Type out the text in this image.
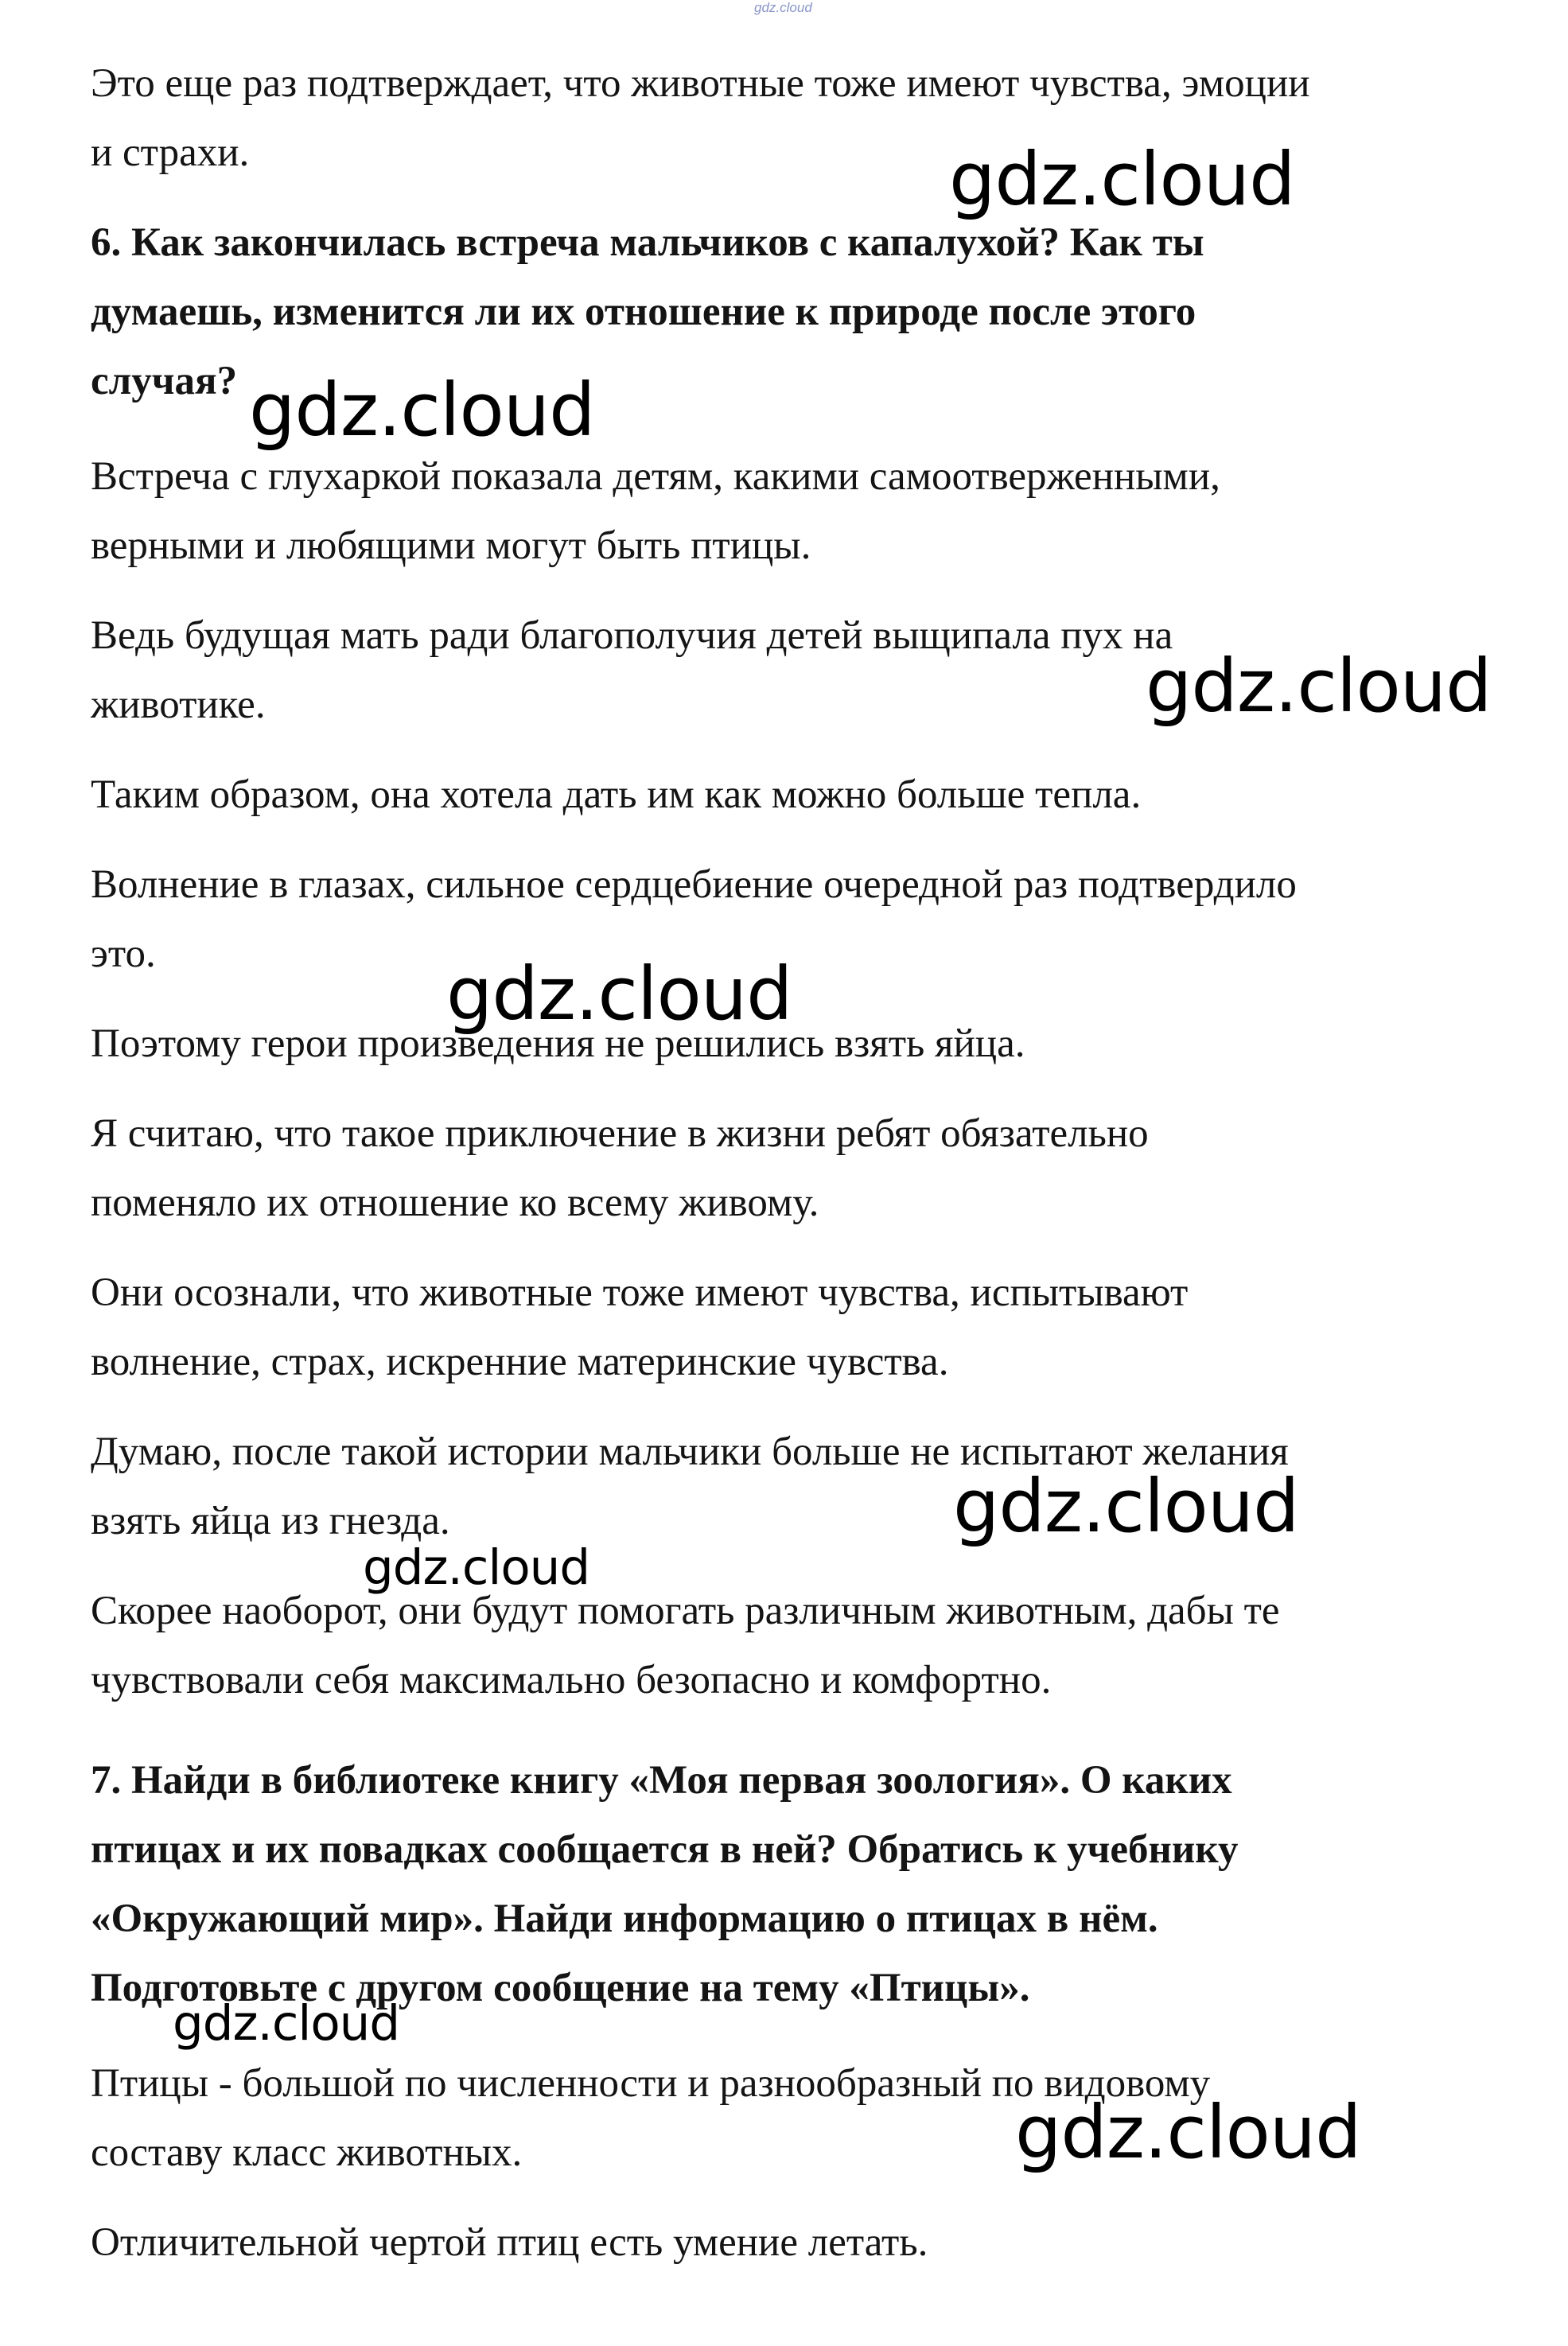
gdz.cloud
Это еще раз подтверждает, что животные тоже имеют чувства, эмоции
и страхи.
6. Как закончилась встреча мальчиков с капалухой? Как ты
думаешь, изменится ли их отношение к природе после этого
случая?
Встреча с глухаркой показала детям, какими самоотверженными,
верными и любящими могут быть птицы.
Ведь будущая мать ради благополучия детей выщипала пух на
животике.
Таким образом, она хотела дать им как можно больше тепла.
Волнение в глазах, сильное сердцебиение очередной раз подтвердило
это.
Поэтому герои произведения не решились взять яйца.
Я считаю, что такое приключение в жизни ребят обязательно
поменяло их отношение ко всему живому.
Они осознали, что животные тоже имеют чувства, испытывают
волнение, страх, искренние материнские чувства.
Думаю, после такой истории мальчики больше не испытают желания
взять яйца из гнезда.
Скорее наоборот, они будут помогать различным животным, дабы те
чувствовали себя максимально безопасно и комфортно.
7. Найди в библиотеке книгу «Моя первая зоология». О каких
птицах и их повадках сообщается в ней? Обратись к учебнику
«Окружающий мир». Найди информацию о птицах в нём.
Подготовьте с другом сообщение на тему «Птицы».
Птицы - большой по численности и разнообразный по видовому
составу класс животных.
Отличительной чертой птиц есть умение летать.
gdz.cloud
gdz.cloud
gdz.cloud
gdz.cloud
gdz.cloud
gdz.cloud
gdz.cloud
gdz.cloud
